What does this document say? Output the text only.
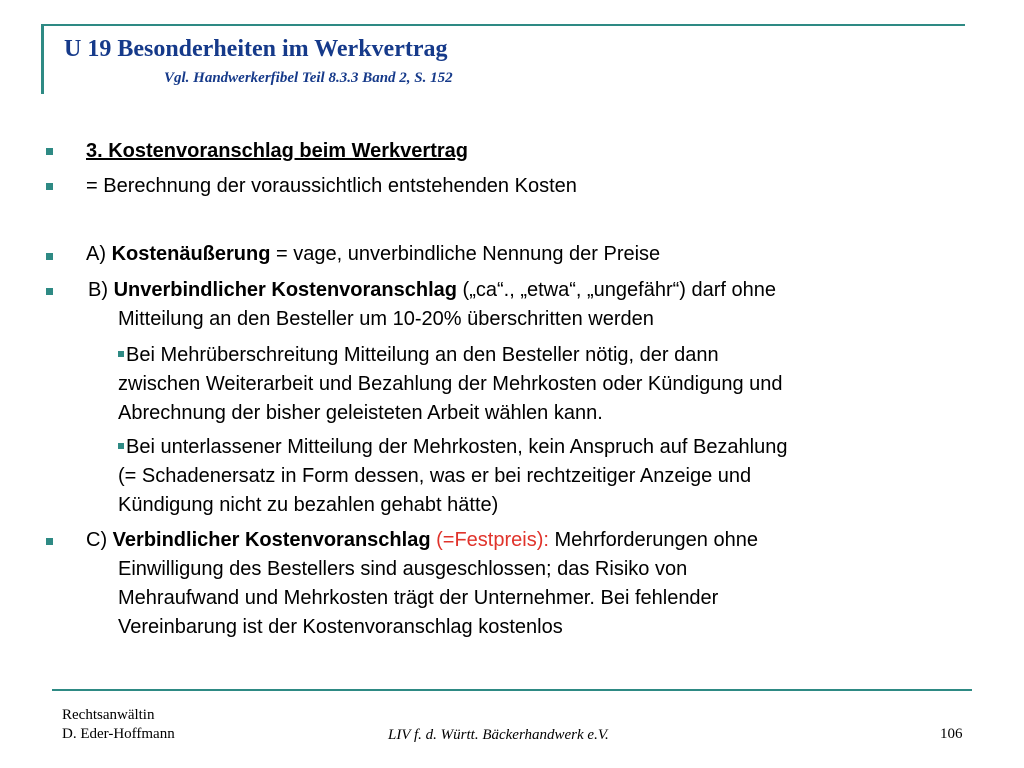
U 19 Besonderheiten im Werkvertrag
Vgl. Handwerkerfibel Teil 8.3.3 Band 2, S. 152
3. Kostenvoranschlag beim Werkvertrag
= Berechnung der voraussichtlich entstehenden Kosten
A) Kostenäußerung = vage, unverbindliche Nennung der Preise
B) Unverbindlicher Kostenvoranschlag („ca“., „etwa“, „ungefähr“) darf ohne
Mitteilung an den Besteller um 10-20% überschritten werden
Bei Mehrüberschreitung Mitteilung an den Besteller nötig, der dann
zwischen Weiterarbeit und Bezahlung der Mehrkosten oder Kündigung und
Abrechnung der bisher geleisteten Arbeit wählen kann.
Bei unterlassener Mitteilung der Mehrkosten, kein Anspruch auf Bezahlung
(= Schadenersatz in Form dessen, was er bei rechtzeitiger Anzeige und
Kündigung nicht zu bezahlen gehabt hätte)
C) Verbindlicher Kostenvoranschlag (=Festpreis): Mehrforderungen ohne
Einwilligung des Bestellers sind ausgeschlossen; das Risiko von
Mehraufwand und Mehrkosten trägt der Unternehmer. Bei fehlender
Vereinbarung ist der Kostenvoranschlag kostenlos
Rechtsanwältin
D. Eder-Hoffmann	LIV f. d. Württ. Bäckerhandwerk e.V.	106
